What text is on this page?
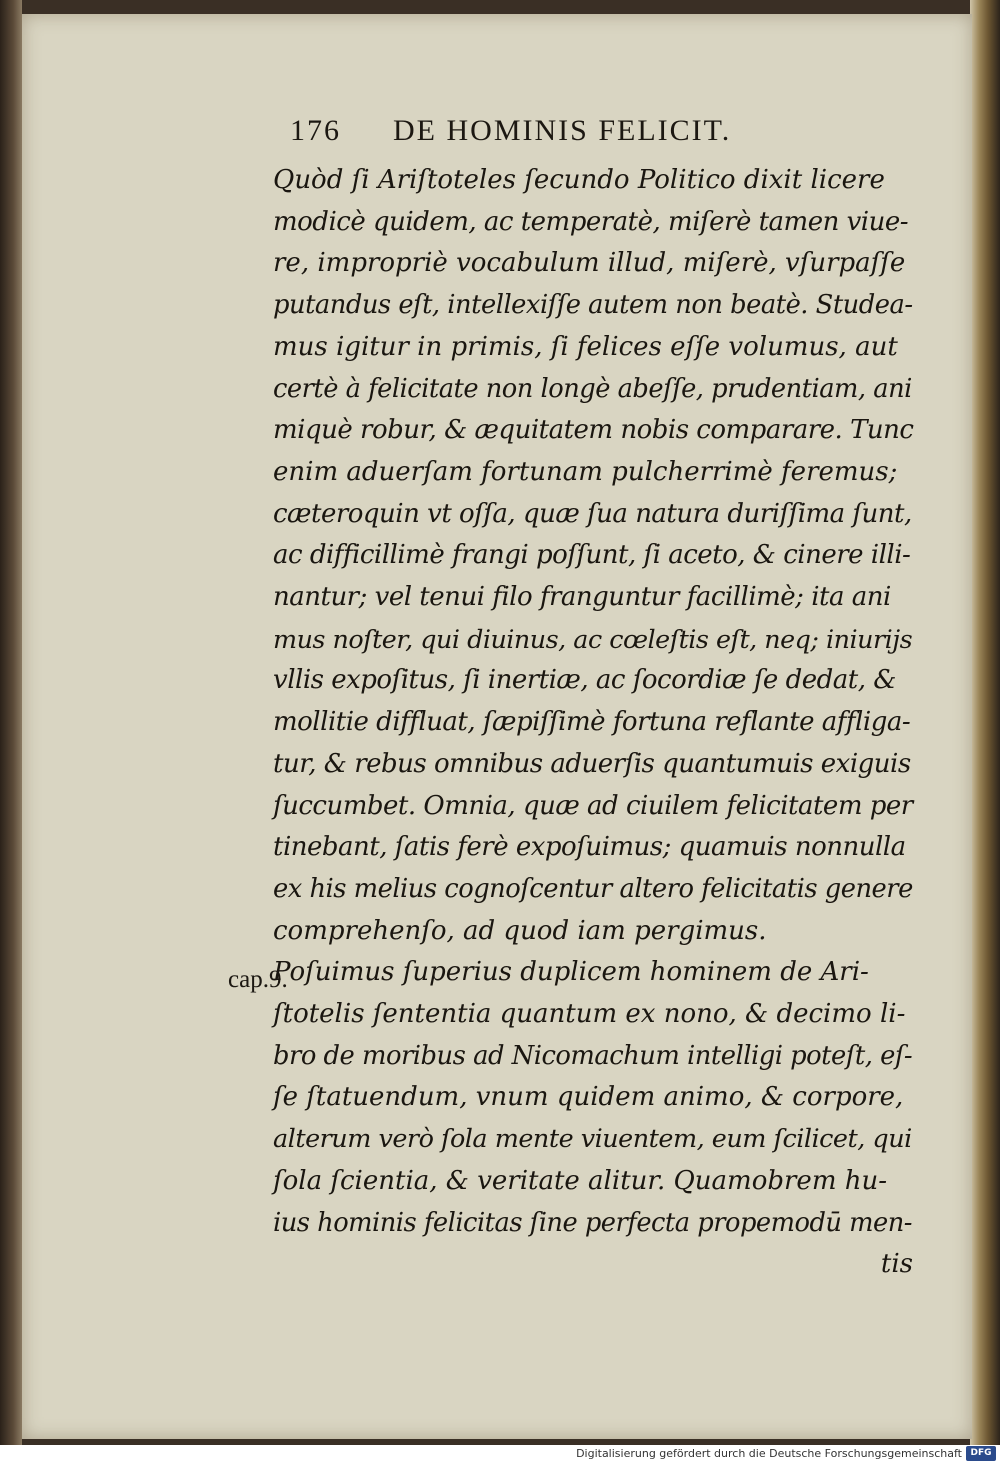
176 DE HOMINIS FELICIT.
cap.9.
Quòd ſi Ariſtoteles ſecundo Politico dixit licere
modicè quidem, ac temperatè, miſerè tamen viue-
re, impropriè vocabulum illud, miſerè, vſurpaſſe
putandus eſt, intellexiſſe autem non beatè. Studea-
mus igitur in primis, ſi felices eſſe volumus, aut
certè à felicitate non longè abeſſe, prudentiam, ani
miquè robur, & æquitatem nobis comparare. Tunc
enim aduerſam fortunam pulcherrimè feremus;
cæteroquin vt oſſa, quæ ſua natura duriſſima ſunt,
ac difficillimè frangi poſſunt, ſi aceto, & cinere illi-
nantur; vel tenui filo franguntur facillimè; ita ani
mus noſter, qui diuinus, ac cœleſtis eſt, neq; iniurijs
vllis expoſitus, ſi inertiæ, ac ſocordiæ ſe dedat, &
mollitie diffluat, ſæpiſſimè fortuna reflante affliga-
tur, & rebus omnibus aduerſis quantumuis exiguis
ſuccumbet. Omnia, quæ ad ciuilem felicitatem per
tinebant, ſatis ferè expoſuimus; quamuis nonnulla
ex his melius cognoſcentur altero felicitatis genere
comprehenſo, ad quod iam pergimus.
Poſuimus ſuperius duplicem hominem de Ari-
ſtotelis ſententia quantum ex nono, & decimo li-
bro de moribus ad Nicomachum intelligi poteſt, eſ-
ſe ſtatuendum, vnum quidem animo, & corpore,
alterum verò ſola mente viuentem, eum ſcilicet, qui
ſola ſcientia, & veritate alitur. Quamobrem hu-
ius hominis felicitas ſine perfecta propemodū men-
tis
Digitalisierung gefördert durch die Deutsche Forschungsgemeinschaft DFG
